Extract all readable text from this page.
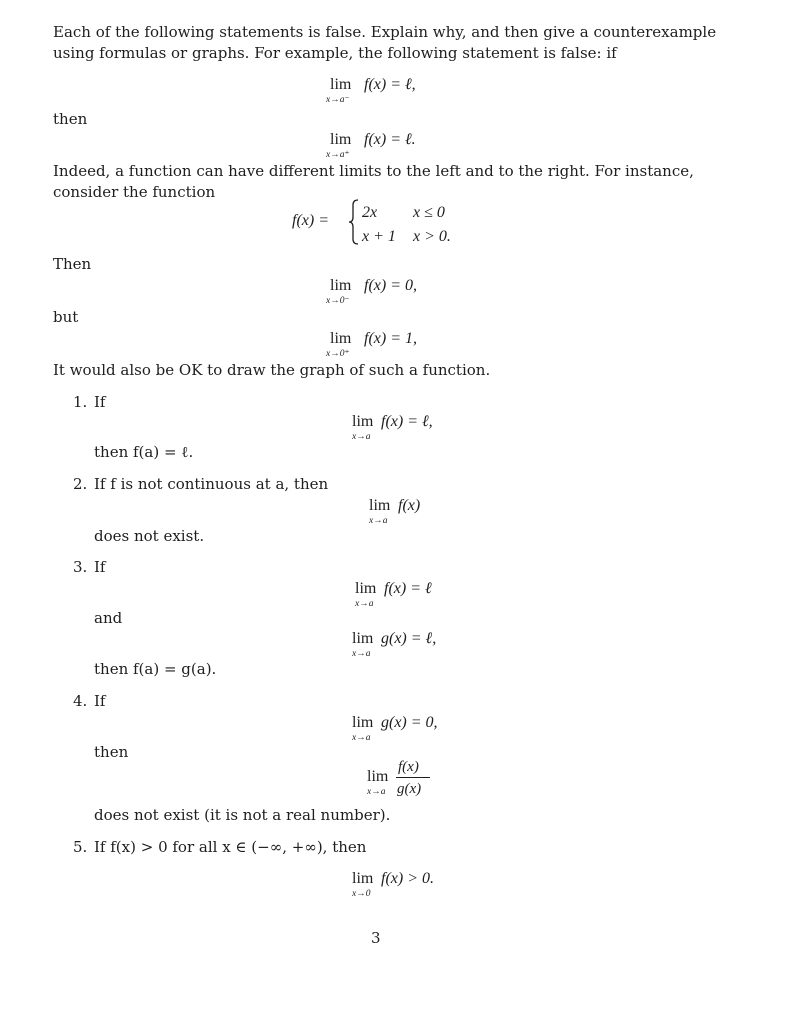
Each of the following statements is false. Explain why, and then give a counterexample
using formulas or graphs. For example, the following statement is false: if
lim
x→a⁻
f(x) = ℓ,
then
lim
x→a⁺
f(x) = ℓ.
Indeed, a function can have different limits to the left and to the right. For instance,
consider the function
f(x) = 2x x ≤ 0
x + 1 x > 0.
Then
lim
x→0⁻
f(x) = 0,
but
lim
x→0⁺
f(x) = 1,
It would also be OK to draw the graph of such a function.
1. If
lim
x→a
f(x) = ℓ,
then f(a) = ℓ.
2. If f is not continuous at a, then
lim
x→a
f(x)
does not exist.
3. If
lim
x→a
f(x) = ℓ
and
lim
x→a
g(x) = ℓ,
then f(a) = g(a).
4. If
lim
x→a
g(x) = 0,
then
lim
x→a
f(x)
g(x)
does not exist (it is not a real number).
5. If f(x) > 0 for all x ∈ (−∞, +∞), then
lim
x→0
f(x) > 0.
3
